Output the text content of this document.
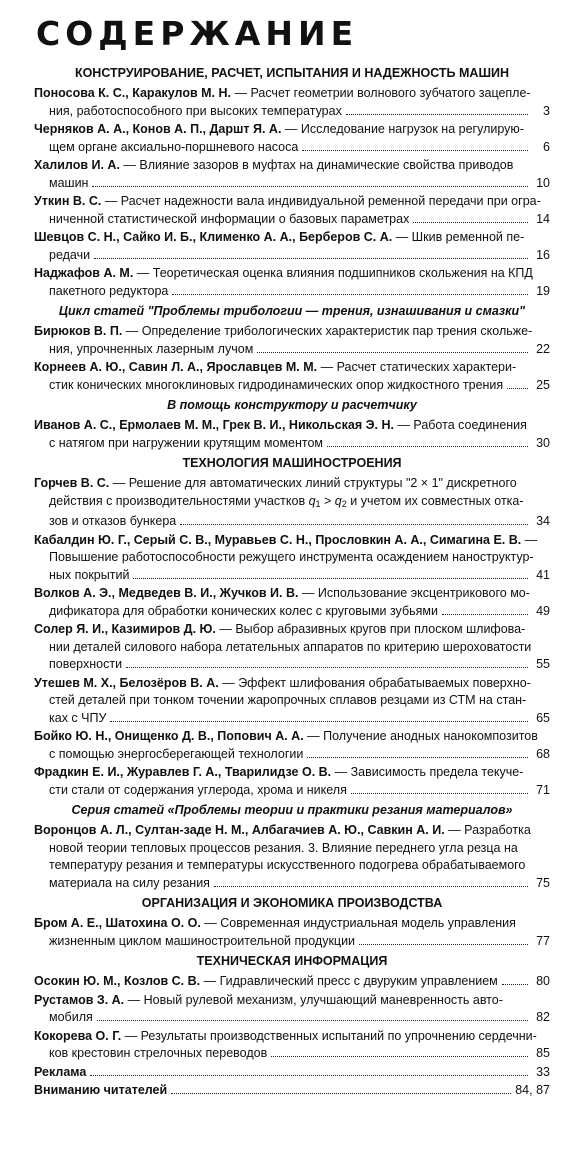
СОДЕРЖАНИЕ
КОНСТРУИРОВАНИЕ, РАСЧЕТ, ИСПЫТАНИЯ И НАДЕЖНОСТЬ МАШИН
Поносова К. С., Каракулов М. Н. — Расчет геометрии волнового зубчатого зацепле-
ния, работоспособного при высоких температурах	3
Черняков А. А., Конов А. П., Даршт Я. А. — Исследование нагрузок на регулирую-
щем органе аксиально-поршневого насоса	6
Халилов И. А. — Влияние зазоров в муфтах на динамические свойства приводов
машин	10
Уткин В. С. — Расчет надежности вала индивидуальной ременной передачи при огра-
ниченной статистической информации о базовых параметрах	14
Шевцов С. Н., Сайко И. Б., Клименко А. А., Берберов С. А. — Шкив ременной пе-
редачи	16
Наджафов А. М. — Теоретическая оценка влияния подшипников скольжения на КПД
пакетного редуктора	19
Цикл статей "Проблемы трибологии — трения, изнашивания и смазки"
Бирюков В. П. — Определение трибологических характеристик пар трения скольже-
ния, упрочненных лазерным лучом	22
Корнеев А. Ю., Савин Л. А., Ярославцев М. М. — Расчет статических характери-
стик конических многоклиновых гидродинамических опор жидкостного трения	25
В помощь конструктору и расчетчику
Иванов А. С., Ермолаев М. М., Грек В. И., Никольская Э. Н. — Работа соединения
с натягом при нагружении крутящим моментом	30
ТЕХНОЛОГИЯ МАШИНОСТРОЕНИЯ
Горчев В. С. — Решение для автоматических линий структуры "2 × 1" дискретного
действия с производительностями участков $q_1 > q_2$ и учетом их совместных отка-
зов и отказов бункера	34
Кабалдин Ю. Г., Серый С. В., Муравьев С. Н., Прословкин А. А., Симагина Е. В. —
Повышение работоспособности режущего инструмента осаждением наноструктур-
ных покрытий	41
Волков А. Э., Медведев В. И., Жучков И. В. — Использование эксцентрикового мо-
дификатора для обработки конических колес с круговыми зубьями	49
Солер Я. И., Казимиров Д. Ю. — Выбор абразивных кругов при плоском шлифова-
нии деталей силового набора летательных аппаратов по критерию шероховатости
поверхности	55
Утешев М. Х., Белозёров В. А. — Эффект шлифования обрабатываемых поверхно-
стей деталей при тонком точении жаропрочных сплавов резцами из СТМ на стан-
ках с ЧПУ	65
Бойко Ю. Н., Онищенко Д. В., Попович А. А. — Получение анодных нанокомпозитов
с помощью энергосберегающей технологии	68
Фрадкин Е. И., Журавлев Г. А., Тварилидзе О. В. — Зависимость предела текуче-
сти стали от содержания углерода, хрома и никеля	71
Серия статей «Проблемы теории и практики резания материалов»
Воронцов А. Л., Султан-заде Н. М., Албагачиев А. Ю., Савкин А. И. — Разработка
новой теории тепловых процессов резания. 3. Влияние переднего угла резца на
температуру резания и температуры искусственного подогрева обрабатываемого
материала на силу резания	75
ОРГАНИЗАЦИЯ И ЭКОНОМИКА ПРОИЗВОДСТВА
Бром А. Е., Шатохина О. О. — Современная индустриальная модель управления
жизненным циклом машиностроительной продукции	77
ТЕХНИЧЕСКАЯ ИНФОРМАЦИЯ
Осокин Ю. М., Козлов С. В. — Гидравлический пресс с двуруким управлением	80
Рустамов З. А. — Новый рулевой механизм, улучшающий маневренность авто-
мобиля	82
Кокорева О. Г. — Результаты производственных испытаний по упрочнению сердечни-
ков крестовин стрелочных переводов	85
Реклама	33
Вниманию читателей	84, 87
